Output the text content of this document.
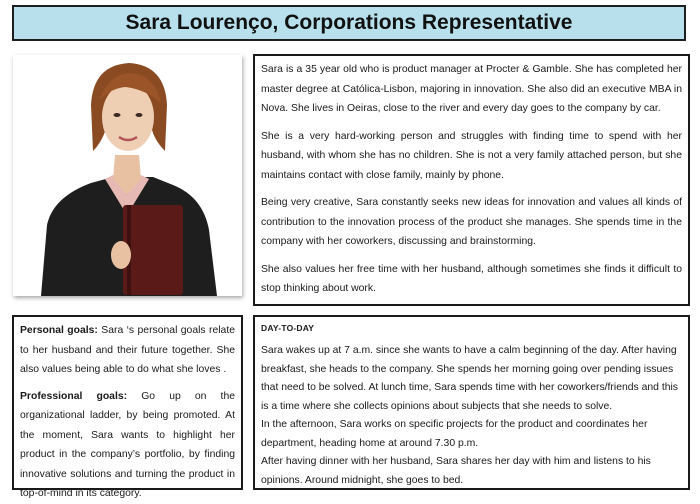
Sara Lourenço, Corporations Representative

Sara is a 35 year old who is product manager at Procter & Gamble. She has completed her master degree at Católica-Lisbon, majoring in innovation. She also did an executive MBA in Nova. She lives in Oeiras, close to the river and every day goes to the company by car.

She is a very hard-working person and struggles with finding time to spend with her husband, with whom she has no children. She is not a very family attached person, but she maintains contact with close family, mainly by phone.

Being very creative, Sara constantly seeks new ideas for innovation and values all kinds of contribution to the innovation process of the product she manages. She spends time in the company with her coworkers, discussing and brainstorming.

She also values her free time with her husband, although sometimes she finds it difficult to stop thinking about work.

Personal goals: Sara ‘s personal goals relate to her husband and their future together. She also values being able to do what she loves .

Professional goals: Go up on the organizational ladder, by being promoted. At the moment, Sara wants to highlight her product in the company’s portfolio, by finding innovative solutions and turning the product in top-of-mind in its category.

DAY-TO-DAY

Sara wakes up at 7 a.m. since she wants to have a calm beginning of the day. After having breakfast, she heads to the company. She spends her morning going over pending issues that need to be solved. At lunch time, Sara spends time with her coworkers/friends and this is a time where she collects opinions about subjects that she needs to solve.

In the afternoon, Sara works on specific projects for the product and coordinates her department, heading home at around 7.30 p.m.

After having dinner with her husband, Sara shares her day with him and listens to his opinions. Around midnight, she goes to bed.
